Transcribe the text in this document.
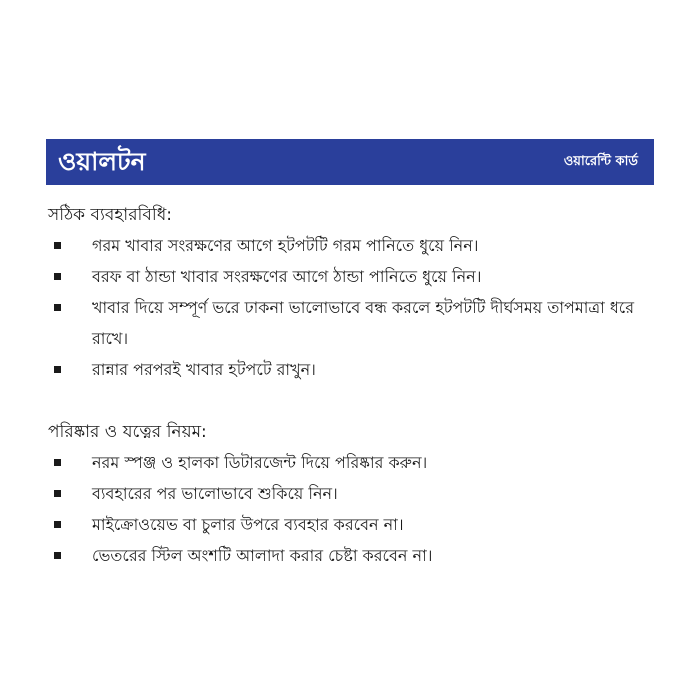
ওয়ালটন	ওয়ারেন্টি কার্ড
সঠিক ব্যবহারবিধি:
গরম খাবার সংরক্ষণের আগে হটপটটি গরম পানিতে ধুয়ে নিন।
বরফ বা ঠান্ডা খাবার সংরক্ষণের আগে ঠান্ডা পানিতে ধুয়ে নিন।
খাবার দিয়ে সম্পূর্ণ ভরে ঢাকনা ভালোভাবে বন্ধ করলে হটপটটি দীর্ঘসময় তাপমাত্রা ধরে রাখে।
রান্নার পরপরই খাবার হটপটে রাখুন।
পরিষ্কার ও যত্নের নিয়ম:
নরম স্পঞ্জ ও হালকা ডিটারজেন্ট দিয়ে পরিষ্কার করুন।
ব্যবহারের পর ভালোভাবে শুকিয়ে নিন।
মাইক্রোওয়েভ বা চুলার উপরে ব্যবহার করবেন না।
ভেতরের স্টিল অংশটি আলাদা করার চেষ্টা করবেন না।
